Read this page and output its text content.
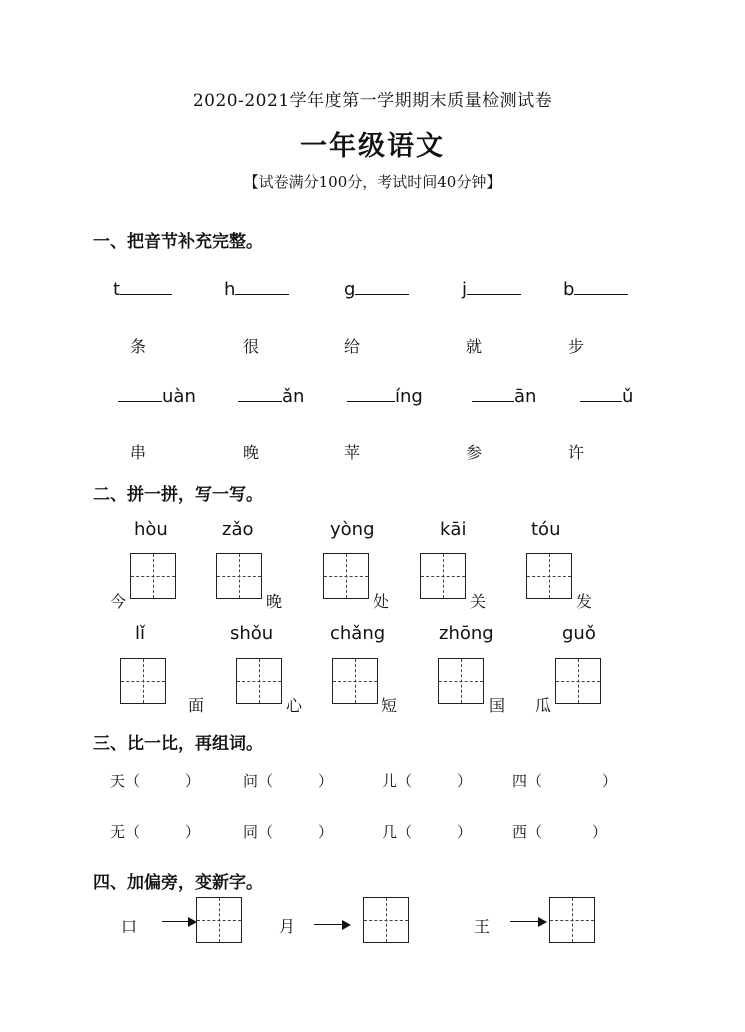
2020-2021学年度第一学期期末质量检测试卷
一年级语文
【试卷满分100分，考试时间40分钟】
一、把音节补充完整。
t
条
h
很
g
给
j
就
b
步
uàn
串
ǎn
晚
íng
苹
ān
参
ǔ
许
二、拼一拼，写一写。
hòu
今
zǎo
晚
yòng
处
kāi
关
tóu
发
lǐ
面
shǒu
心
chǎng
短
zhōng
国
guǒ
瓜
三、比一比，再组词。
天（	）	问（	）	儿（	）	四（	）
无（	）	同（	）	几（	）	西（	）
四、加偏旁，变新字。
口	月	王
